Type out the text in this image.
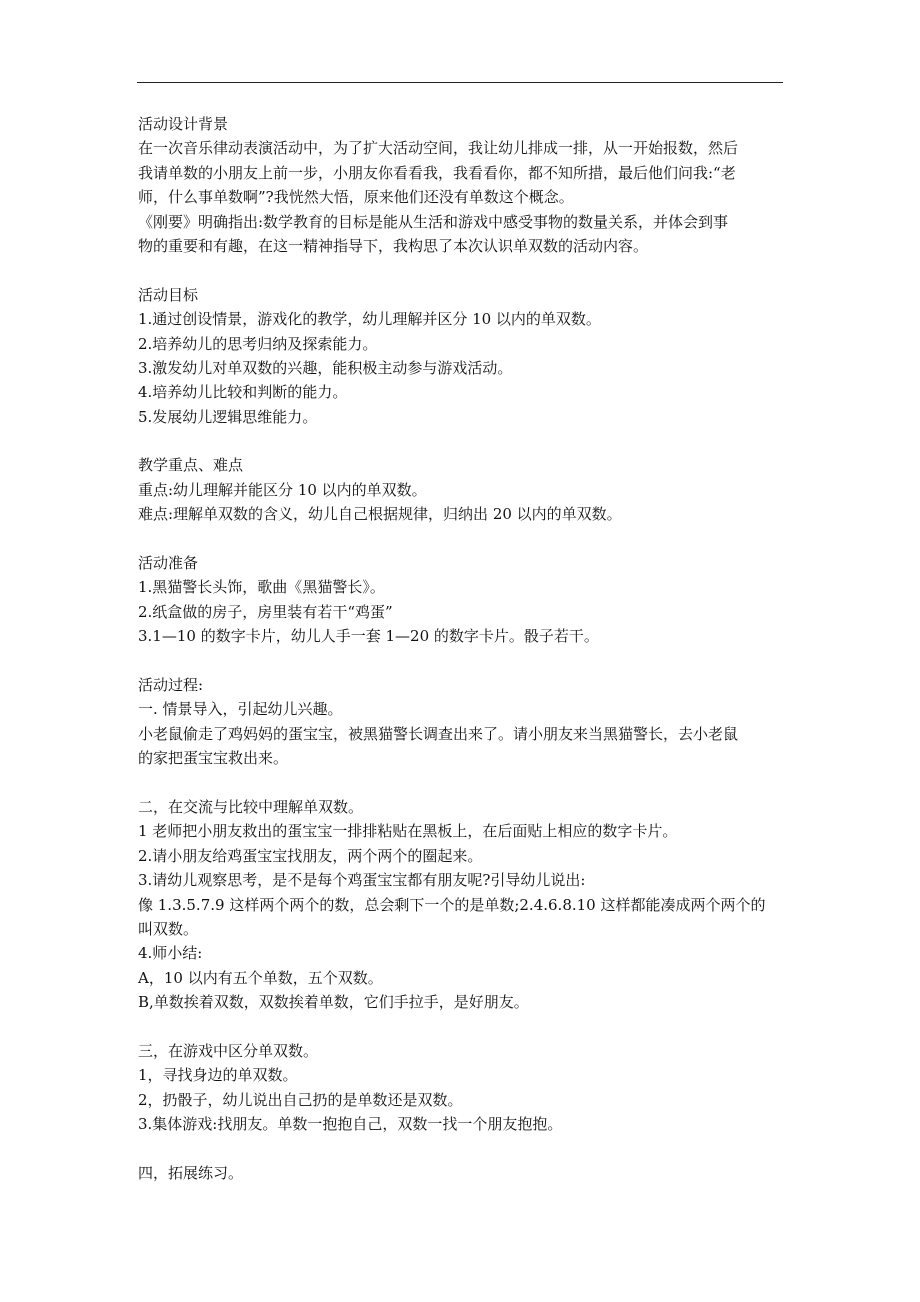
活动设计背景
在一次音乐律动表演活动中，为了扩大活动空间，我让幼儿排成一排，从一开始报数，然后
我请单数的小朋友上前一步，小朋友你看看我，我看看你，都不知所措，最后他们问我:“老
师，什么事单数啊”?我恍然大悟，原来他们还没有单数这个概念。
《刚要》明确指出:数学教育的目标是能从生活和游戏中感受事物的数量关系，并体会到事
物的重要和有趣，在这一精神指导下，我构思了本次认识单双数的活动内容。
活动目标
1.通过创设情景，游戏化的教学，幼儿理解并区分 10 以内的单双数。
2.培养幼儿的思考归纳及探索能力。
3.激发幼儿对单双数的兴趣，能积极主动参与游戏活动。
4.培养幼儿比较和判断的能力。
5.发展幼儿逻辑思维能力。
教学重点、难点
重点:幼儿理解并能区分 10 以内的单双数。
难点:理解单双数的含义，幼儿自己根据规律，归纳出 20 以内的单双数。
活动准备
1.黑猫警长头饰，歌曲《黑猫警长》。
2.纸盒做的房子，房里装有若干“鸡蛋”
3.1—10 的数字卡片，幼儿人手一套 1—20 的数字卡片。骰子若干。
活动过程:
一. 情景导入，引起幼儿兴趣。
小老鼠偷走了鸡妈妈的蛋宝宝，被黑猫警长调查出来了。请小朋友来当黑猫警长，去小老鼠
的家把蛋宝宝救出来。
二，在交流与比较中理解单双数。
1 老师把小朋友救出的蛋宝宝一排排粘贴在黑板上，在后面贴上相应的数字卡片。
2.请小朋友给鸡蛋宝宝找朋友，两个两个的圈起来。
3.请幼儿观察思考，是不是每个鸡蛋宝宝都有朋友呢?引导幼儿说出:
像 1.3.5.7.9 这样两个两个的数，总会剩下一个的是单数;2.4.6.8.10 这样都能凑成两个两个的
叫双数。
4.师小结:
A，10 以内有五个单数，五个双数。
B,单数挨着双数，双数挨着单数，它们手拉手，是好朋友。
三，在游戏中区分单双数。
1，寻找身边的单双数。
2，扔骰子，幼儿说出自己扔的是单数还是双数。
3.集体游戏:找朋友。单数一抱抱自己，双数一找一个朋友抱抱。
四，拓展练习。
